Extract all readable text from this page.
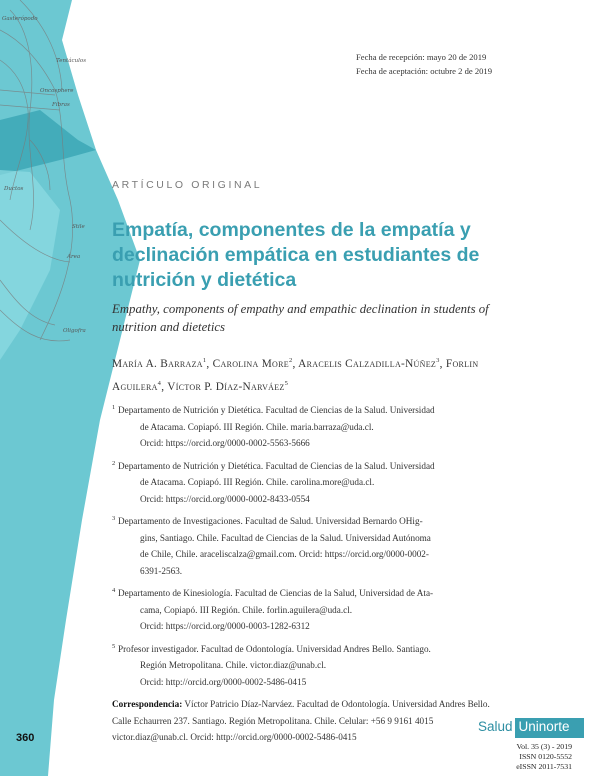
Gasterópodo
Tentáculos
Oncosphere
Fibras
Ductos
Stile
Área
Oligofra
Fecha de recepción: mayo 20 de 2019
Fecha de aceptación: octubre 2 de 2019
ARTÍCULO ORIGINAL
Empatía, componentes de la empatía y declinación empática en estudiantes de nutrición y dietética

Empathy, components of empathy and empathic declination in students of nutrition and dietetics

María A. Barraza$^1$, Carolina More$^2$, Aracelis Calzadilla-Núñez$^3$, Forlin Aguilera$^4$, Víctor P. Díaz-Narváez$^5$

1 Departamento de Nutrición y Dietética. Facultad de Ciencias de la Salud. Universidad
de Atacama. Copiapó. III Región. Chile. maria.barraza@uda.cl.
Orcid: https://orcid.org/0000-0002-5563-5666
2 Departamento de Nutrición y Dietética. Facultad de Ciencias de la Salud. Universidad
de Atacama. Copiapó. III Región. Chile. carolina.more@uda.cl.
Orcid: https://orcid.org/0000-0002-8433-0554
3 Departamento de Investigaciones. Facultad de Salud. Universidad Bernardo OHig-
gins, Santiago. Chile. Facultad de Ciencias de la Salud. Universidad Autónoma
de Chile, Chile. araceliscalza@gmail.com. Orcid: https://orcid.org/0000-0002-
6391-2563.
4 Departamento de Kinesiología. Facultad de Ciencias de la Salud, Universidad de Ata-
cama, Copiapó. III Región. Chile. forlin.aguilera@uda.cl.
Orcid: https://orcid.org/0000-0003-1282-6312
5 Profesor investigador. Facultad de Odontología. Universidad Andres Bello. Santiago.
Región Metropolitana. Chile. victor.diaz@unab.cl.
Orcid: http://orcid.org/0000-0002-5486-0415
Correspondencia: Víctor Patricio Díaz-Narváez. Facultad de Odontología. Universidad Andres Bello. Calle Echaurren 237. Santiago. Región Metropolitana. Chile. Celular: +56 9 9161 4015 victor.diaz@unab.cl. Orcid: http://orcid.org/0000-0002-5486-0415
360
Salud Uninorte
Vol. 35 (3) - 2019
ISSN 0120-5552
eISSN 2011-7531
